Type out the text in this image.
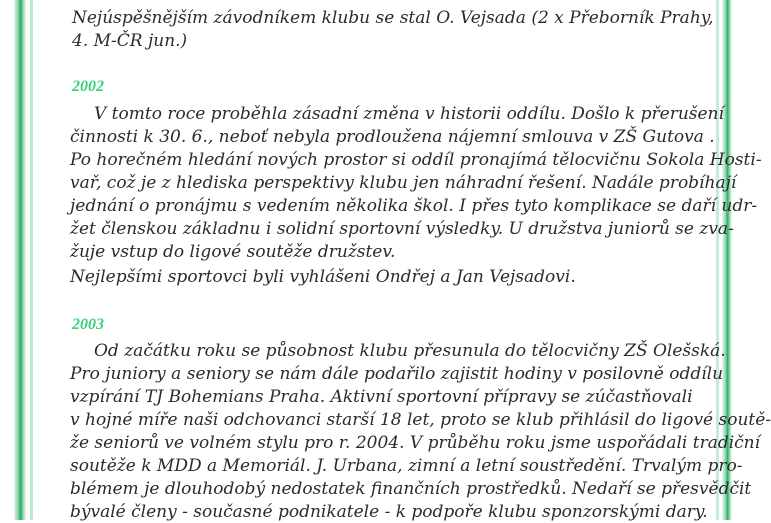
Nejúspěšnějším závodníkem klubu se stal O. Vejsada (2 x Přeborník Prahy,
4. M-ČR jun.)
2002
V tomto roce proběhla zásadní změna v historii oddílu. Došlo k přerušení
činnosti k 30. 6., neboť nebyla prodloužena nájemní smlouva v ZŠ Gutova .
Po horečném hledání nových prostor si oddíl pronajímá tělocvičnu Sokola Hosti-
vař, což je z hlediska perspektivy klubu jen náhradní řešení. Nadále probíhají
jednání o pronájmu s vedením několika škol. I přes tyto komplikace se daří udr-
žet členskou základnu i solidní sportovní výsledky. U družstva juniorů se zva-
žuje vstup do ligové soutěže družstev.
Nejlepšími sportovci byli vyhlášeni Ondřej a Jan Vejsadovi.
2003
Od začátku roku se působnost klubu přesunula do tělocvičny ZŠ Olešská.
Pro juniory a seniory se nám dále podařilo zajistit hodiny v posilovně oddílu
vzpírání TJ Bohemians Praha. Aktivní sportovní přípravy se zúčastňovali
v hojné míře naši odchovanci starší 18 let, proto se klub přihlásil do ligové soutě-
že seniorů ve volném stylu pro r. 2004. V průběhu roku jsme uspořádali tradiční
soutěže k MDD a Memoriál. J. Urbana, zimní a letní soustředění. Trvalým pro-
blémem je dlouhodobý nedostatek finančních prostředků. Nedaří se přesvědčit
bývalé členy - současné podnikatele - k podpoře klubu sponzorskými dary.
